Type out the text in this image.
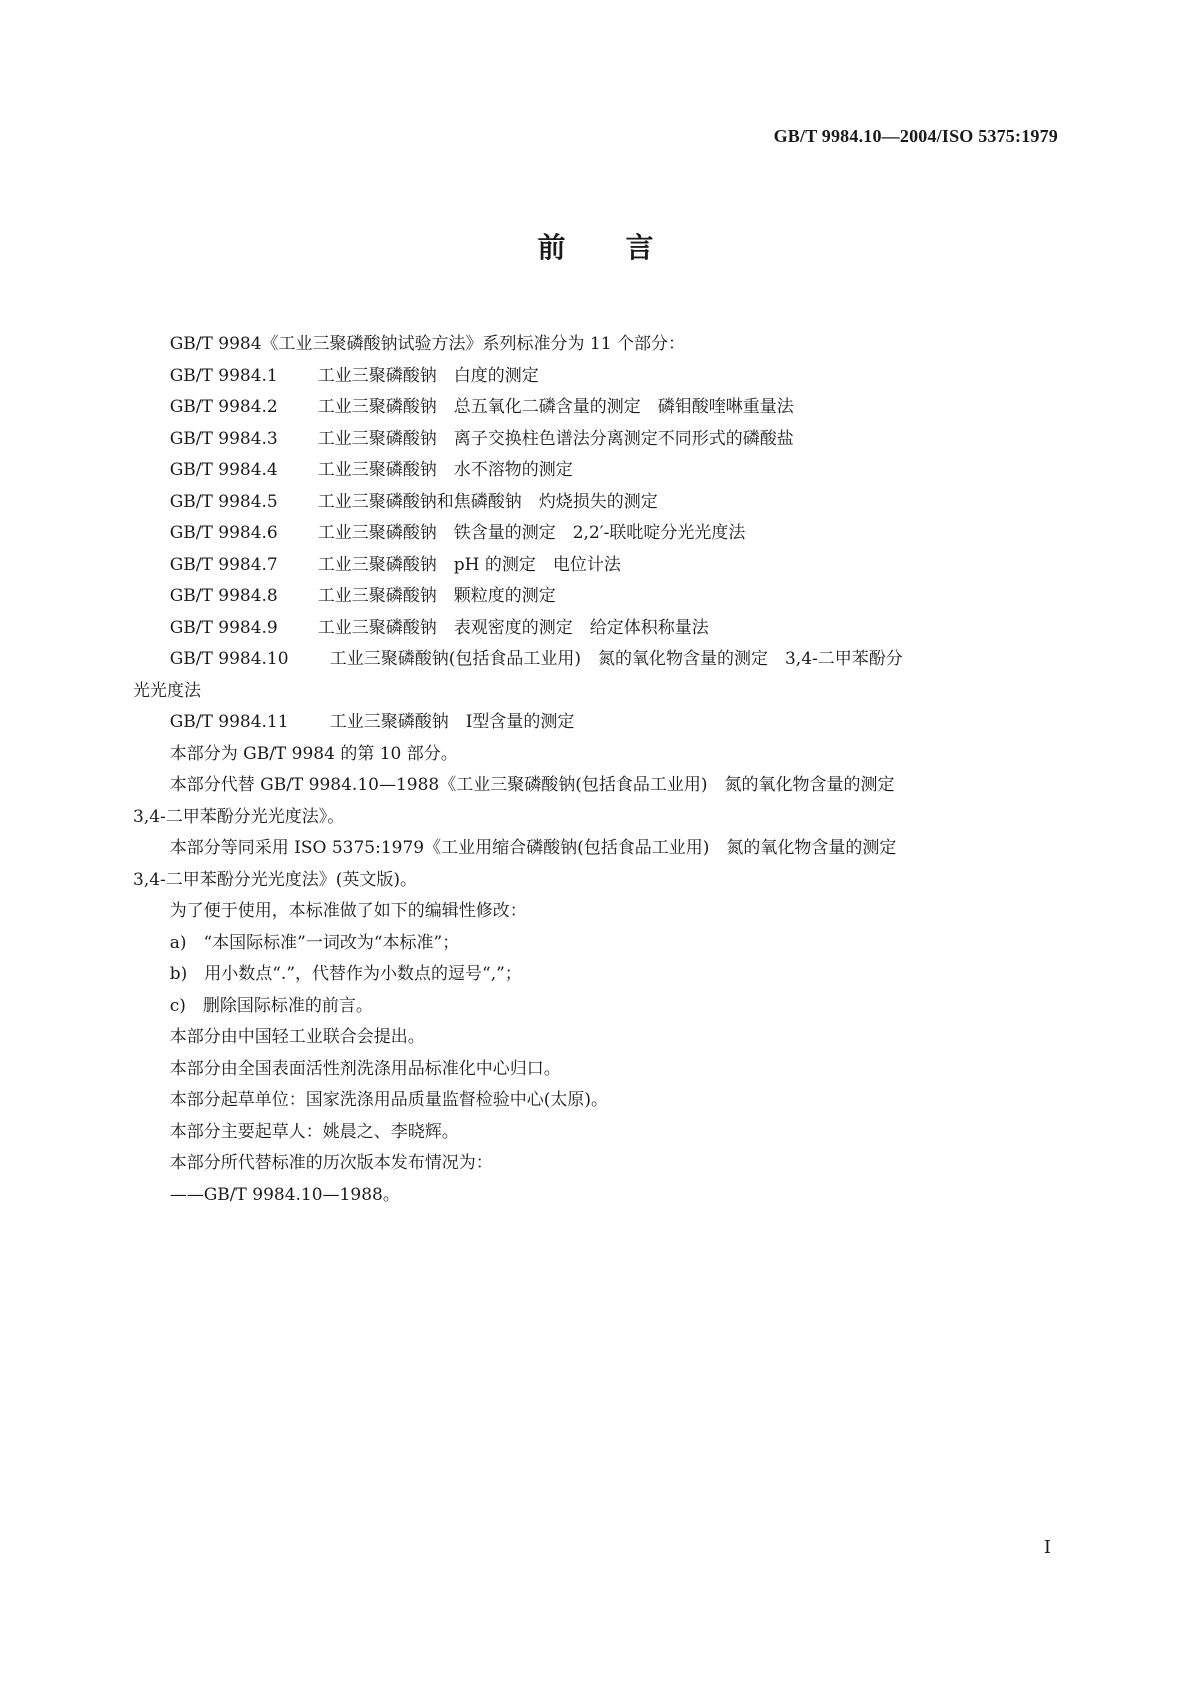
GB/T 9984.10—2004/ISO 5375:1979
前言
GB/T 9984《工业三聚磷酸钠试验方法》系列标准分为 11 个部分：
GB/T 9984.1	工业三聚磷酸钠　白度的测定
GB/T 9984.2	工业三聚磷酸钠　总五氧化二磷含量的测定　磷钼酸喹啉重量法
GB/T 9984.3	工业三聚磷酸钠　离子交换柱色谱法分离测定不同形式的磷酸盐
GB/T 9984.4	工业三聚磷酸钠　水不溶物的测定
GB/T 9984.5	工业三聚磷酸钠和焦磷酸钠　灼烧损失的测定
GB/T 9984.6	工业三聚磷酸钠　铁含量的测定　2,2′-联吡啶分光光度法
GB/T 9984.7	工业三聚磷酸钠　pH 的测定　电位计法
GB/T 9984.8	工业三聚磷酸钠　颗粒度的测定
GB/T 9984.9	工业三聚磷酸钠　表观密度的测定　给定体积称量法
GB/T 9984.10	工业三聚磷酸钠(包括食品工业用)　氮的氧化物含量的测定　3,4-二甲苯酚分
光光度法
GB/T 9984.11	工业三聚磷酸钠　Ⅰ型含量的测定
本部分为 GB/T 9984 的第 10 部分。
本部分代替 GB/T 9984.10—1988《工业三聚磷酸钠(包括食品工业用)　氮的氧化物含量的测定
3,4-二甲苯酚分光光度法》。
本部分等同采用 ISO 5375:1979《工业用缩合磷酸钠(包括食品工业用)　氮的氧化物含量的测定
3,4-二甲苯酚分光光度法》(英文版)。
为了便于使用，本标准做了如下的编辑性修改：
a)　“本国际标准”一词改为“本标准”；
b)　用小数点“.”，代替作为小数点的逗号“,”；
c)　删除国际标准的前言。
本部分由中国轻工业联合会提出。
本部分由全国表面活性剂洗涤用品标准化中心归口。
本部分起草单位：国家洗涤用品质量监督检验中心(太原)。
本部分主要起草人：姚晨之、李晓辉。
本部分所代替标准的历次版本发布情况为：
——GB/T 9984.10—1988。
Ⅰ
